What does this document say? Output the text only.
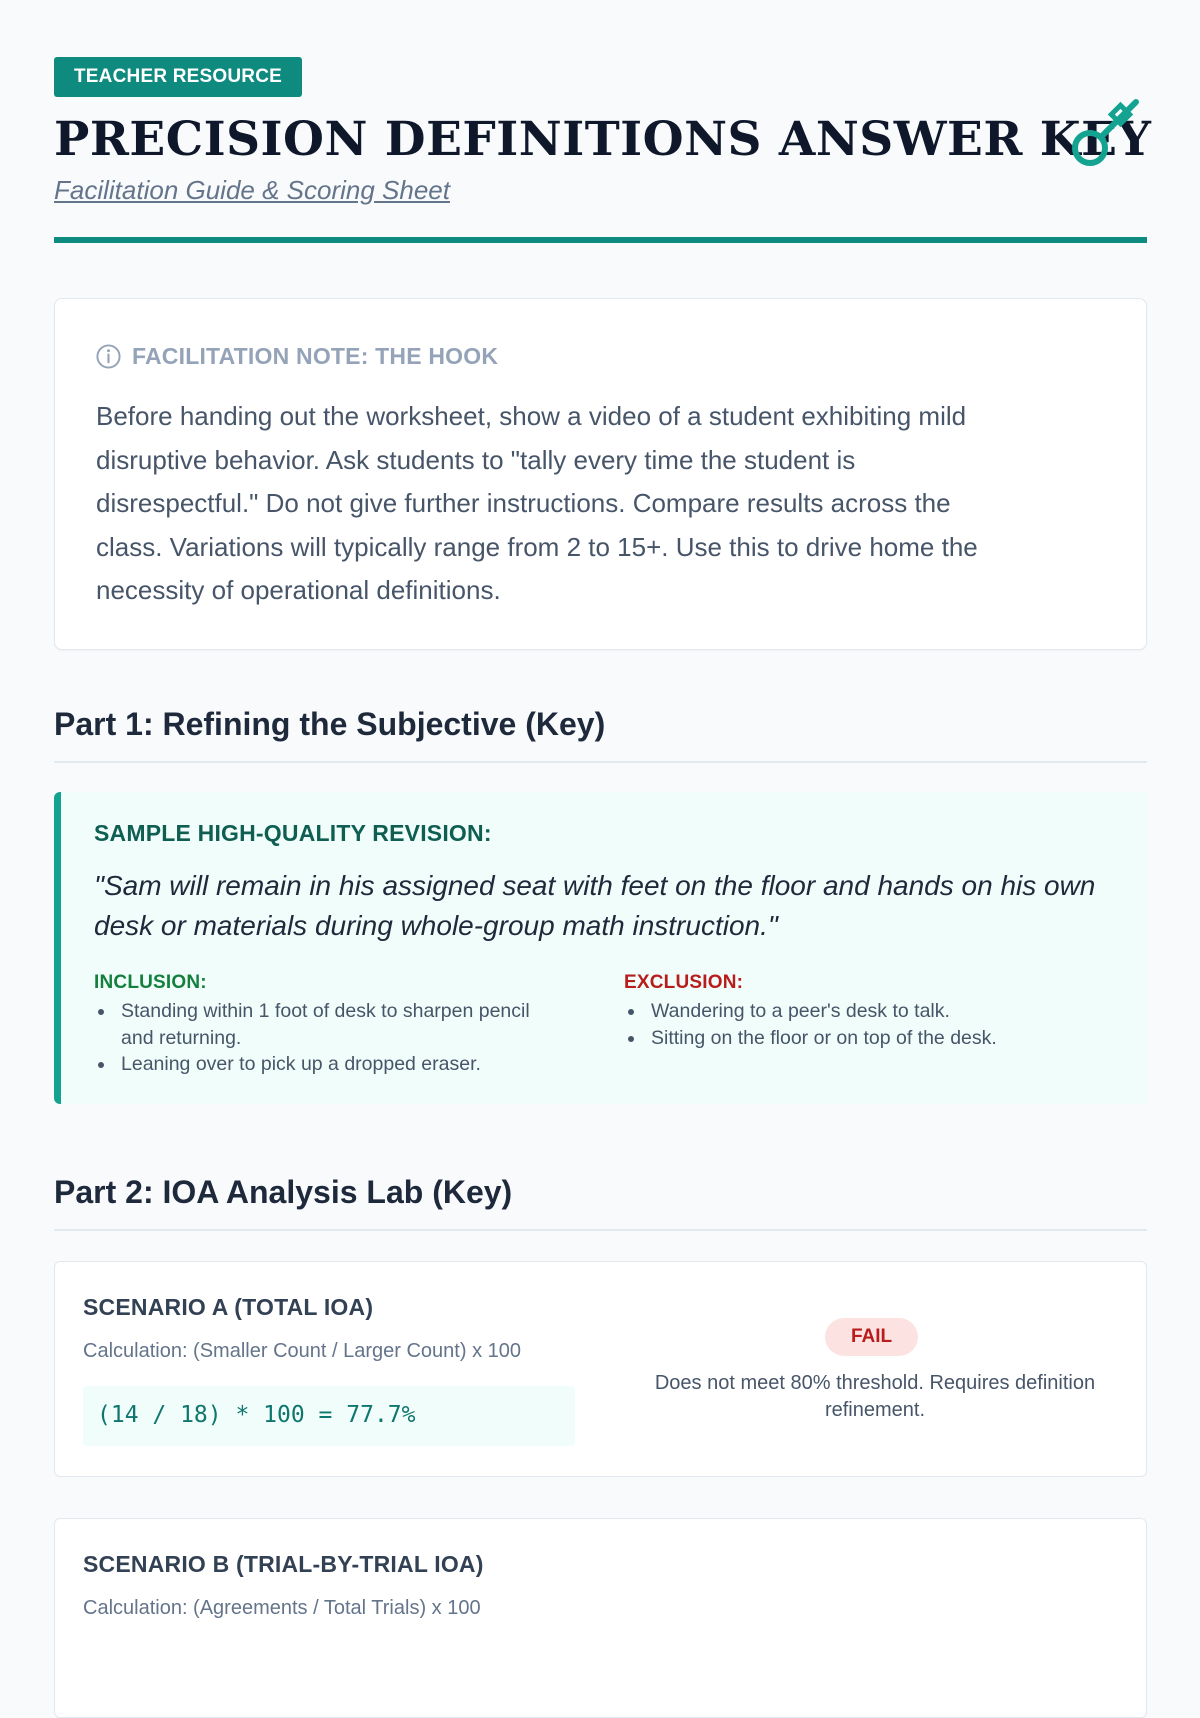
TEACHER RESOURCE
PRECISION DEFINITIONS ANSWER KEY
Facilitation Guide & Scoring Sheet
FACILITATION NOTE: THE HOOK
Before handing out the worksheet, show a video of a student exhibiting mild
disruptive behavior. Ask students to "tally every time the student is
disrespectful." Do not give further instructions. Compare results across the
class. Variations will typically range from 2 to 15+. Use this to drive home the
necessity of operational definitions.
Part 1: Refining the Subjective (Key)
SAMPLE HIGH-QUALITY REVISION:
"Sam will remain in his assigned seat with feet on the floor and hands on his own
desk or materials during whole-group math instruction."
INCLUSION:
Standing within 1 foot of desk to sharpen pencil
and returning.
Leaning over to pick up a dropped eraser.
EXCLUSION:
Wandering to a peer's desk to talk.
Sitting on the floor or on top of the desk.
Part 2: IOA Analysis Lab (Key)
SCENARIO A (TOTAL IOA)
Calculation: (Smaller Count / Larger Count) x 100
(14 / 18) * 100 = 77.7%
FAIL
Does not meet 80% threshold. Requires definition
refinement.
SCENARIO B (TRIAL-BY-TRIAL IOA)
Calculation: (Agreements / Total Trials) x 100
